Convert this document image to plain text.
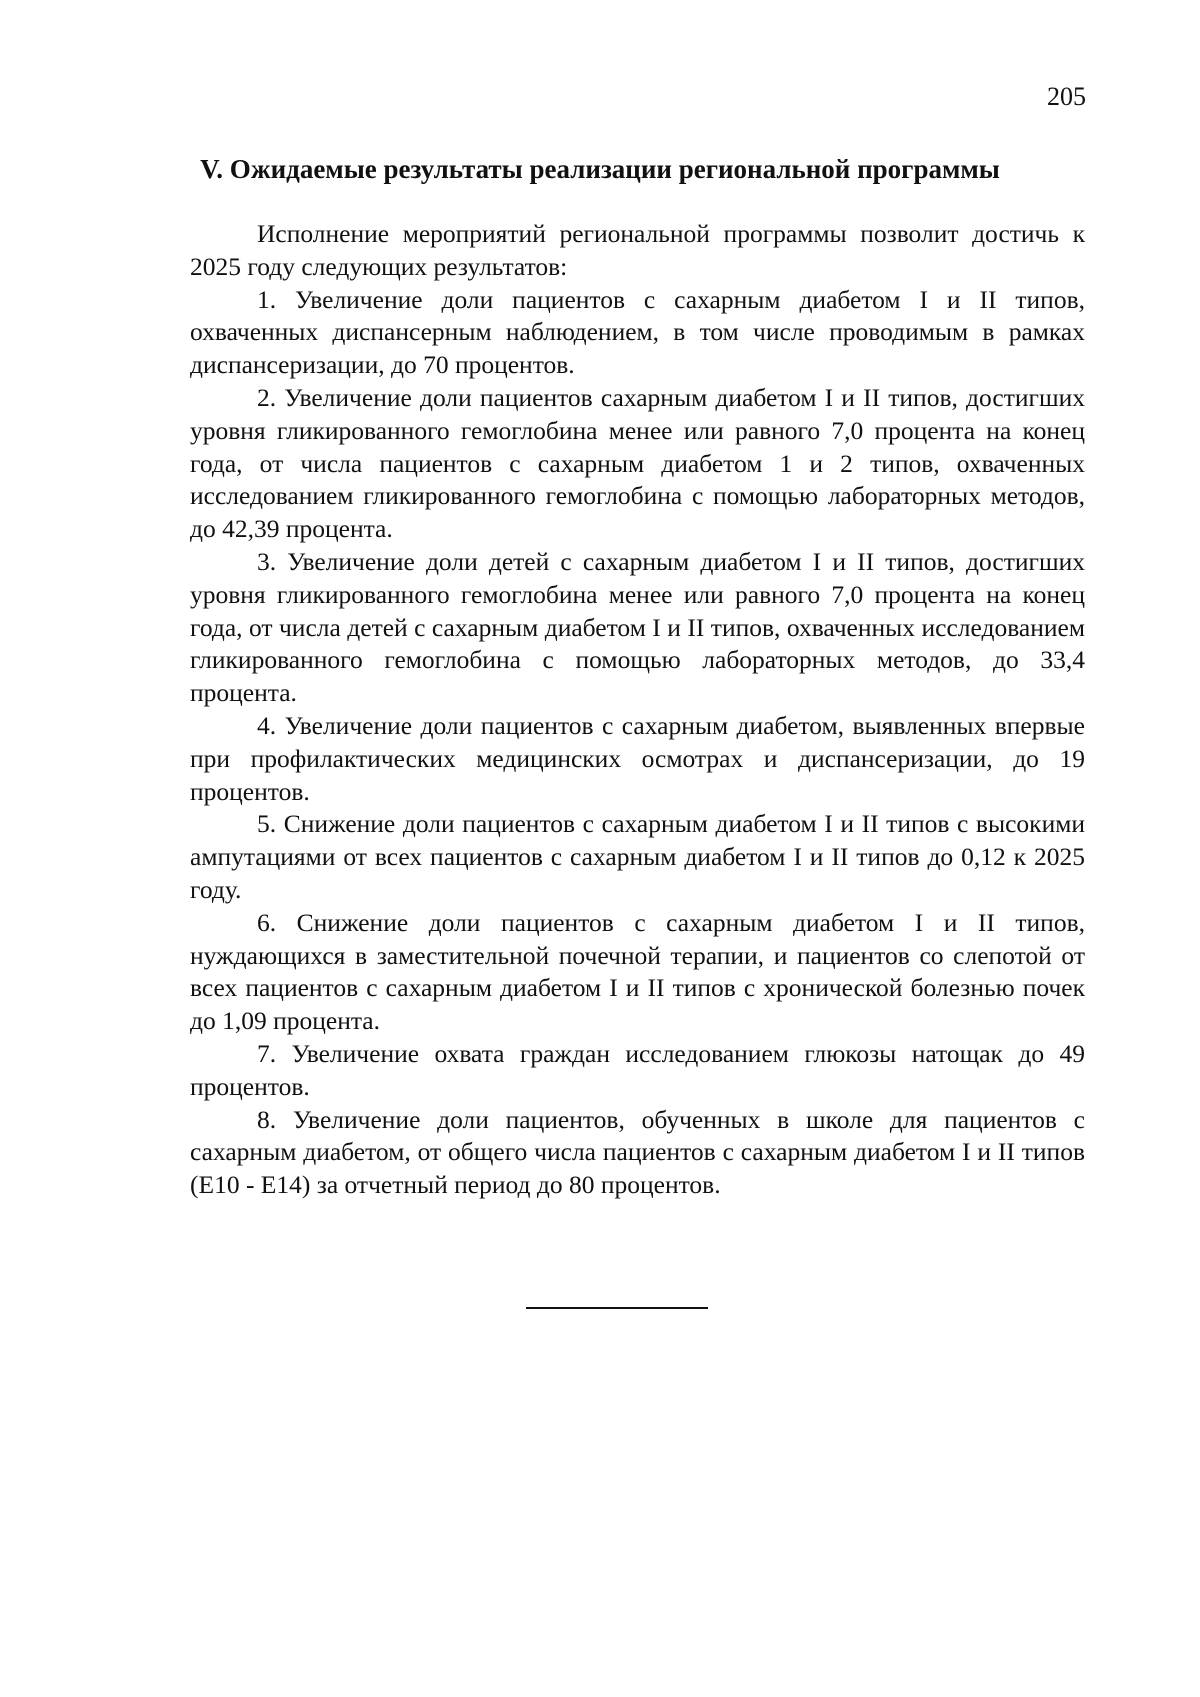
205
V. Ожидаемые результаты реализации региональной программы

Исполнение мероприятий региональной программы позволит достичь к 2025 году следующих результатов:

1. Увеличение доли пациентов с сахарным диабетом I и II типов, охваченных диспансерным наблюдением, в том числе проводимым в рамках диспансеризации, до 70 процентов.

2. Увеличение доли пациентов сахарным диабетом I и II типов, достигших уровня гликированного гемоглобина менее или равного 7,0 процента на конец года, от числа пациентов с сахарным диабетом 1 и 2 типов, охваченных исследованием гликированного гемоглобина с помощью лабораторных методов, до 42,39 процента.

3. Увеличение доли детей с сахарным диабетом I и II типов, достигших уровня гликированного гемоглобина менее или равного 7,0 процента на конец года, от числа детей с сахарным диабетом I и II типов, охваченных исследованием гликированного гемоглобина с помощью лабораторных методов, до 33,4 процента.

4. Увеличение доли пациентов с сахарным диабетом, выявленных впервые при профилактических медицинских осмотрах и диспансеризации, до 19 процентов.

5. Снижение доли пациентов с сахарным диабетом I и II типов с высокими ампутациями от всех пациентов с сахарным диабетом I и II типов до 0,12 к 2025 году.

6. Снижение доли пациентов с сахарным диабетом I и II типов, нуждающихся в заместительной почечной терапии, и пациентов со слепотой от всех пациентов с сахарным диабетом I и II типов с хронической болезнью почек до 1,09 процента.

7. Увеличение охвата граждан исследованием глюкозы натощак до 49 процентов.

8. Увеличение доли пациентов, обученных в школе для пациентов с сахарным диабетом, от общего числа пациентов с сахарным диабетом I и II типов (Е10 - Е14) за отчетный период до 80 процентов.
